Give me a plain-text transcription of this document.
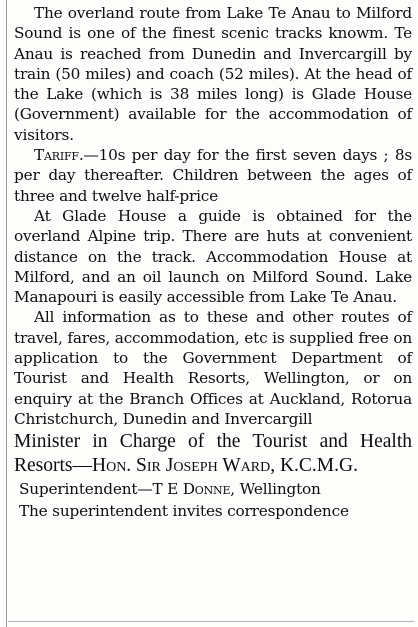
The overland route from Lake Te Anau to Milford Sound is one of the finest scenic tracks knowm. Te Anau is reached from Dunedin and Invercargill by train (50 miles) and coach (52 miles). At the head of the Lake (which is 38 miles long) is Glade House (Government) available for the accommodation of visitors.

Tariff.—10s per day for the first seven days ; 8s per day thereafter. Children between the ages of three and twelve half-price

At Glade House a guide is obtained for the overland Alpine trip. There are huts at convenient distance on the track. Accommodation House at Milford, and an oil launch on Milford Sound. Lake Manapouri is easily accessible from Lake Te Anau.

All information as to these and other routes of travel, fares, accommodation, etc is supplied free on application to the Government Department of Tourist and Health Resorts, Wellington, or on enquiry at the Branch Offices at Auckland, Rotorua Christchurch, Dunedin and Invercargill

Minister in Charge of the Tourist and Health Resorts—Hon. Sir Joseph Ward, K.C.M.G.

Superintendent—T E Donne, Wellington

The superintendent invites correspondence
